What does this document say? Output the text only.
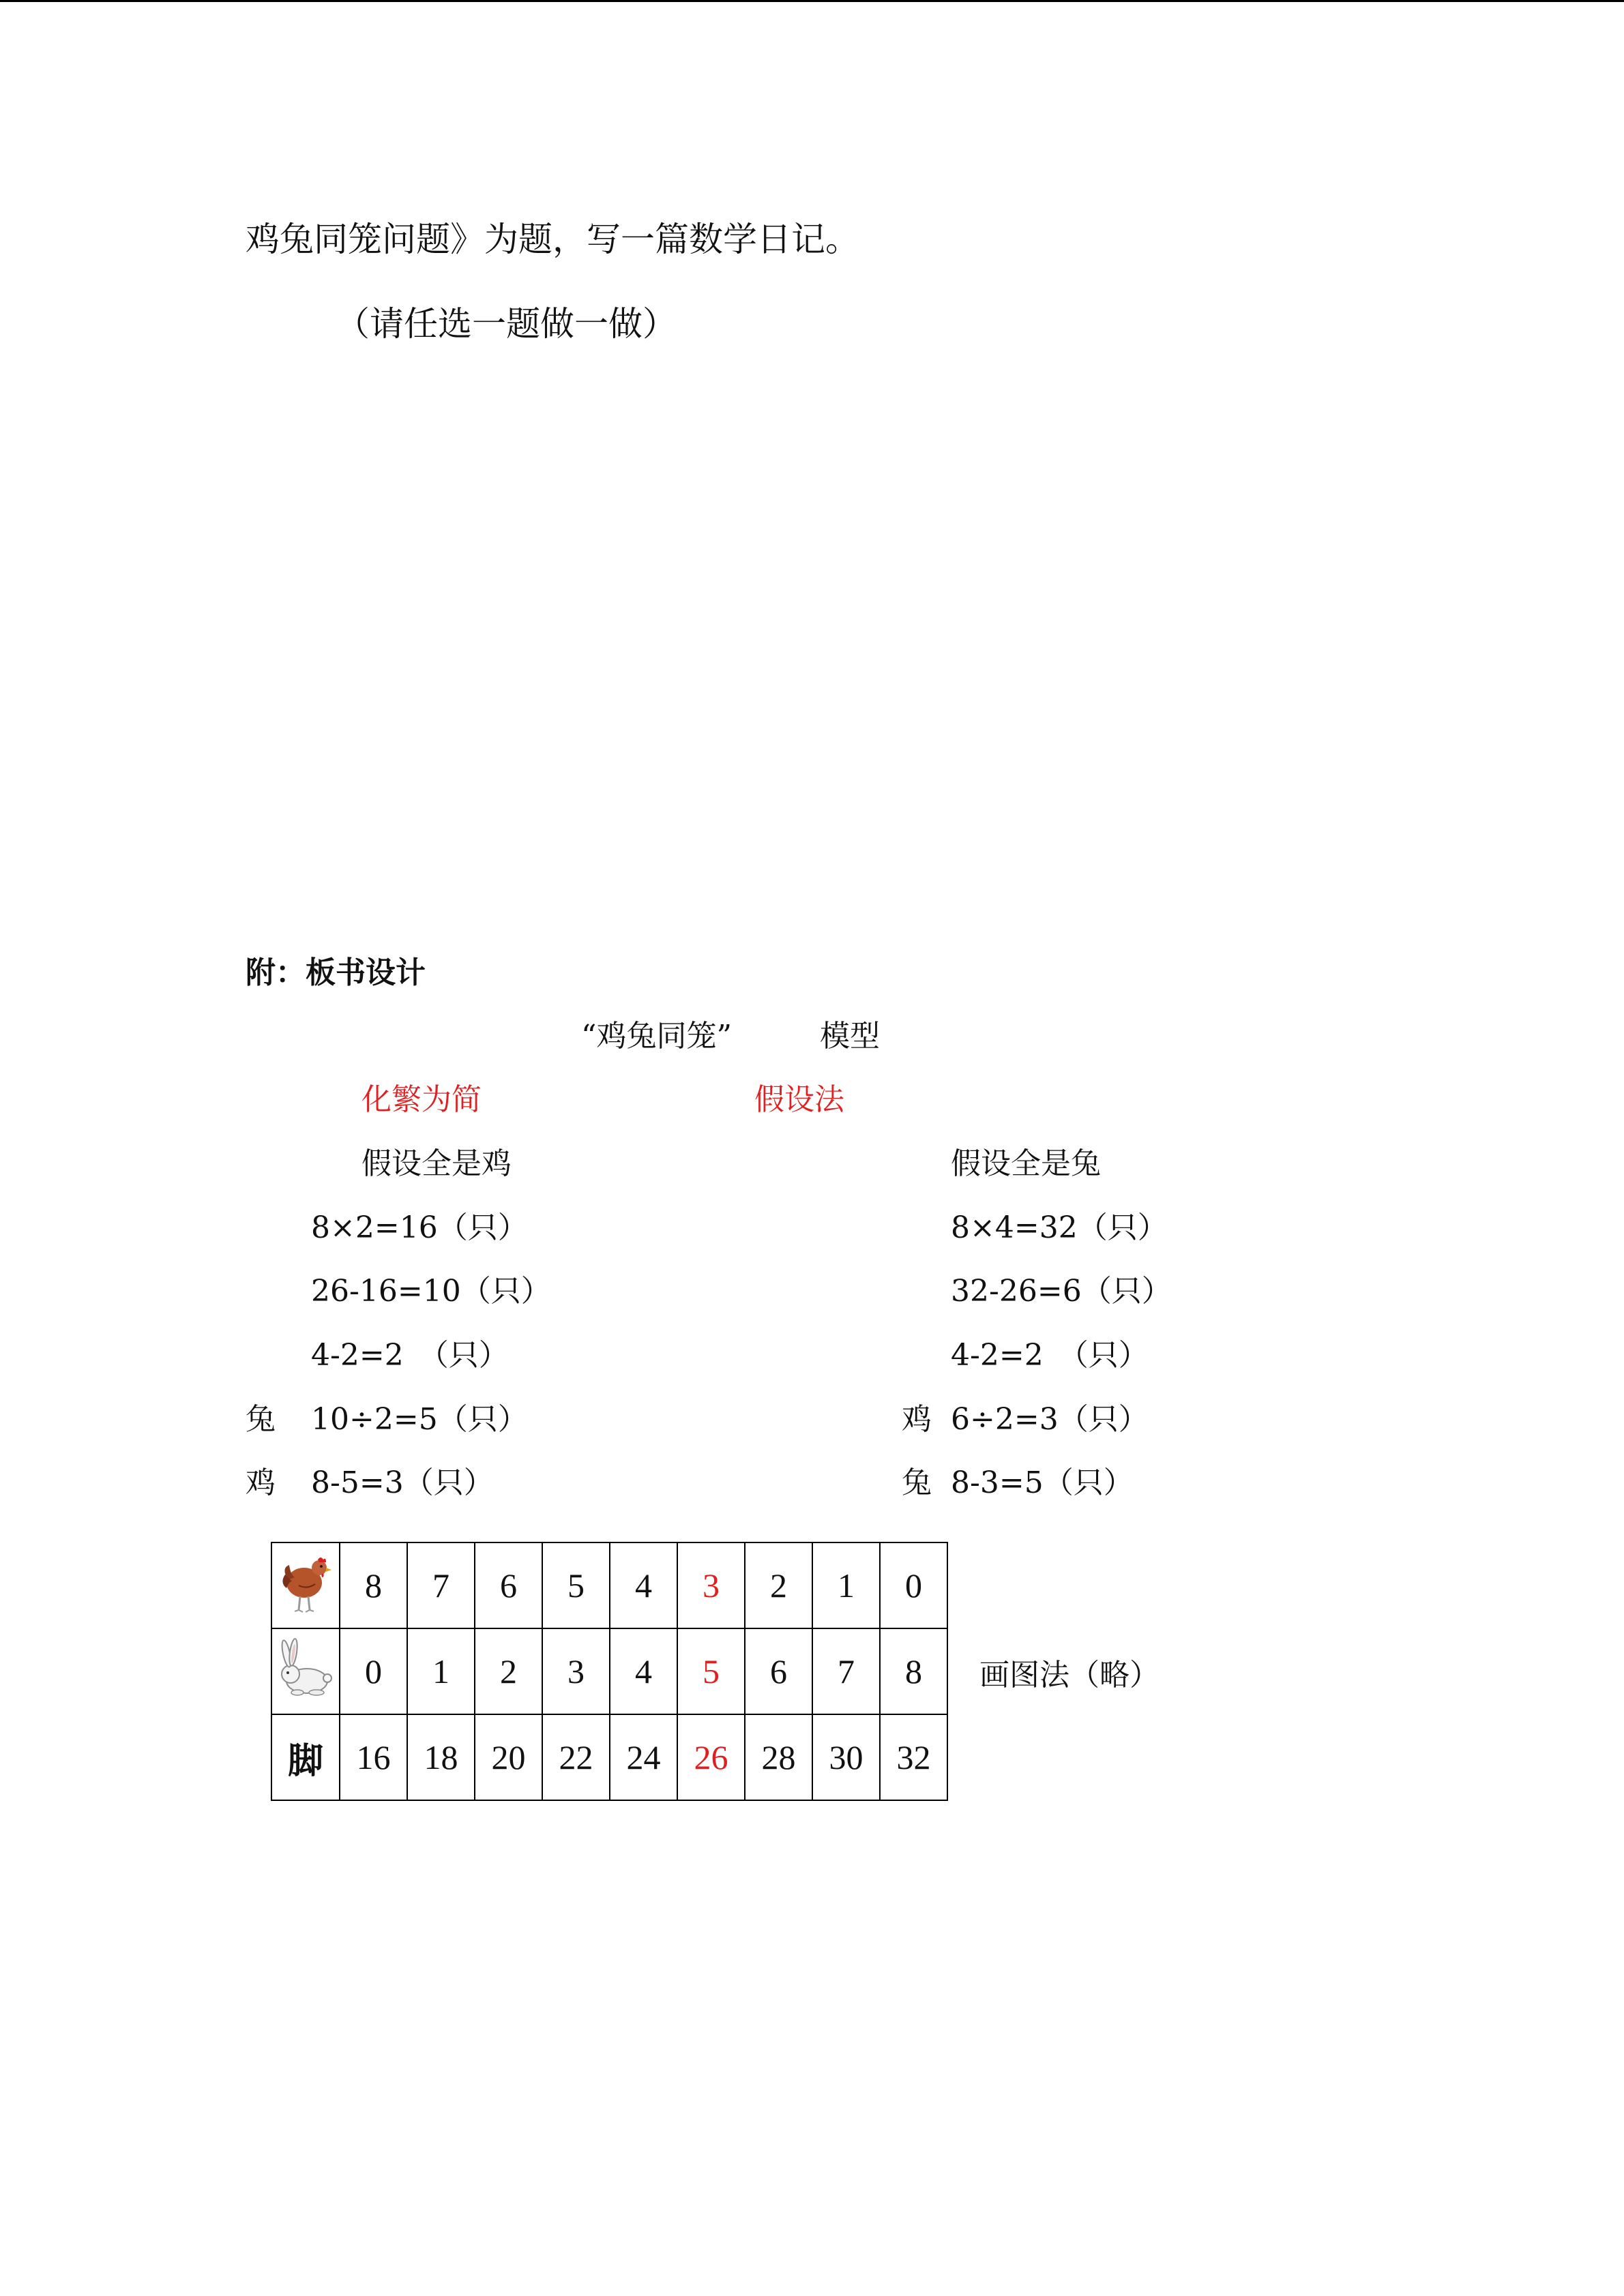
鸡兔同笼问题》为题，写一篇数学日记。
（请任选一题做一做）
附：板书设计
“鸡兔同笼”	模型
化繁为简	假设法
假设全是鸡	假设全是兔
8×2=16（只）
26-16=10（只）
4-2=2　（只）
兔 10÷2=5（只）
鸡 8-5=3（只）
8×4=32（只）
32-26=6（只）
4-2=2　（只）
鸡 6÷2=3（只）
兔 8-3=5（只）
	8	7	6	5	4	3	2	1	0
	0	1	2	3	4	5	6	7	8
脚	16	18	20	22	24	26	28	30	32
画图法（略）
